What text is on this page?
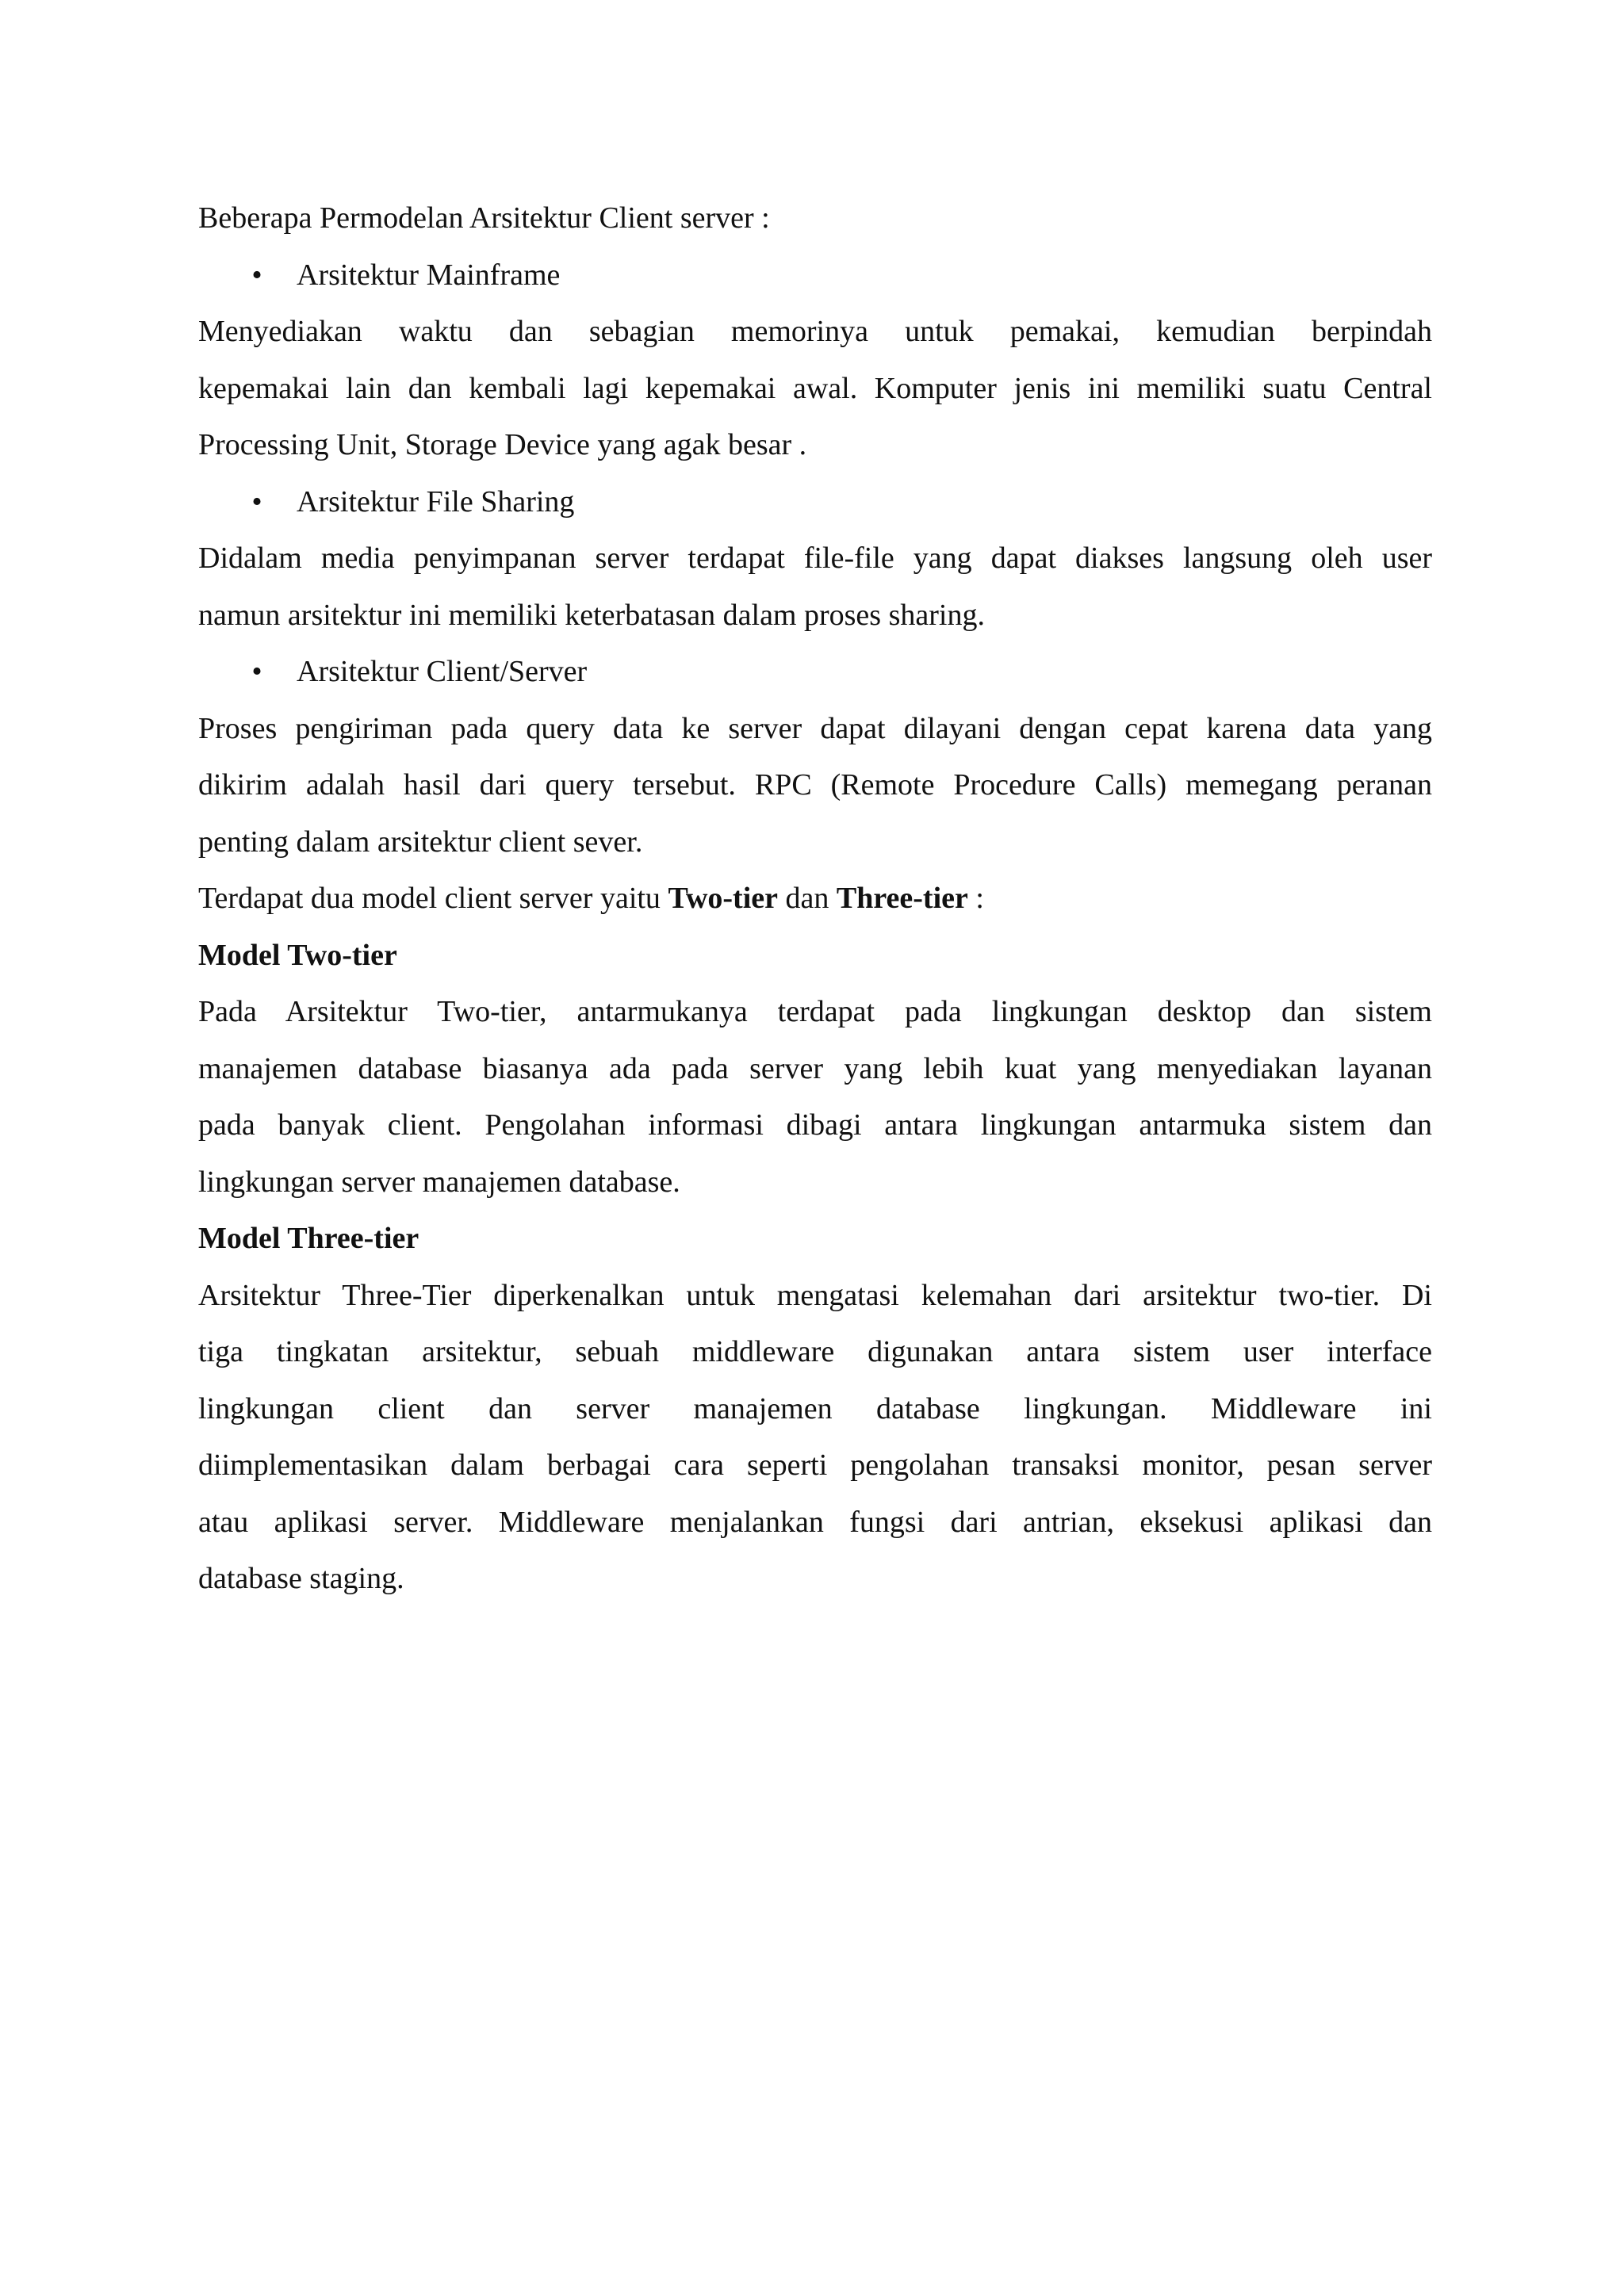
Beberapa Permodelan Arsitektur Client server :

• Arsitektur Mainframe

Menyediakan waktu dan sebagian memorinya untuk pemakai, kemudian berpindah
kepemakai lain dan kembali lagi kepemakai awal. Komputer jenis ini memiliki suatu Central
Processing Unit, Storage Device yang agak besar .

• Arsitektur File Sharing

Didalam media penyimpanan server terdapat file-file yang dapat diakses langsung oleh user
namun arsitektur ini memiliki keterbatasan dalam proses sharing.

• Arsitektur Client/Server

Proses pengiriman pada query data ke server dapat dilayani dengan cepat karena data yang
dikirim adalah hasil dari query tersebut. RPC (Remote Procedure Calls) memegang peranan
penting dalam arsitektur client sever.

Terdapat dua model client server yaitu Two-tier dan Three-tier :

Model Two-tier

Pada Arsitektur Two-tier, antarmukanya terdapat pada lingkungan desktop dan sistem
manajemen database biasanya ada pada server yang lebih kuat yang menyediakan layanan
pada banyak client. Pengolahan informasi dibagi antara lingkungan antarmuka sistem dan
lingkungan server manajemen database.

Model Three-tier

Arsitektur Three-Tier diperkenalkan untuk mengatasi kelemahan dari arsitektur two-tier. Di
tiga tingkatan arsitektur, sebuah middleware digunakan antara sistem user interface
lingkungan client dan server manajemen database lingkungan. Middleware ini
diimplementasikan dalam berbagai cara seperti pengolahan transaksi monitor, pesan server
atau aplikasi server. Middleware menjalankan fungsi dari antrian, eksekusi aplikasi dan
database staging.
